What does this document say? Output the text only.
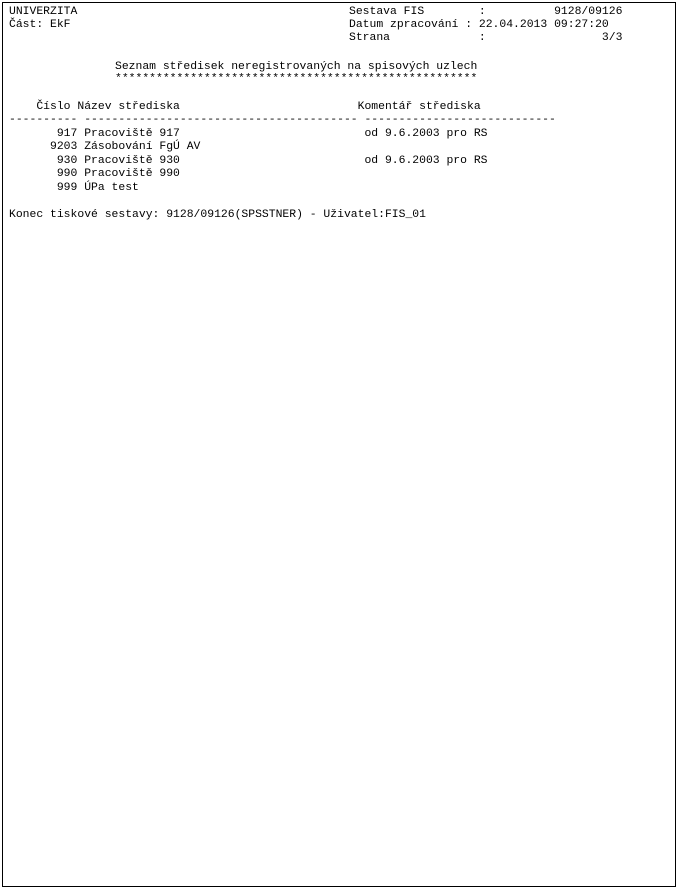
UNIVERZITA
Část: EkF
Sestava FIS        :          9128/09126
Datum zpracování : 22.04.2013 09:27:20
Strana             :                 3/3
Seznam středisek neregistrovaných na spisových uzlech
*****************************************************
Číslo Název střediska                          Komentář střediska
---------- ---------------------------------------- ----------------------------
917 Pracoviště 917                           od 9.6.2003 pro RS
9203 Zásobování FgÚ AV
930 Pracoviště 930                           od 9.6.2003 pro RS
990 Pracoviště 990
999 ÚPa test
Konec tiskové sestavy: 9128/09126(SPSSTNER) - Uživatel:FIS_01
